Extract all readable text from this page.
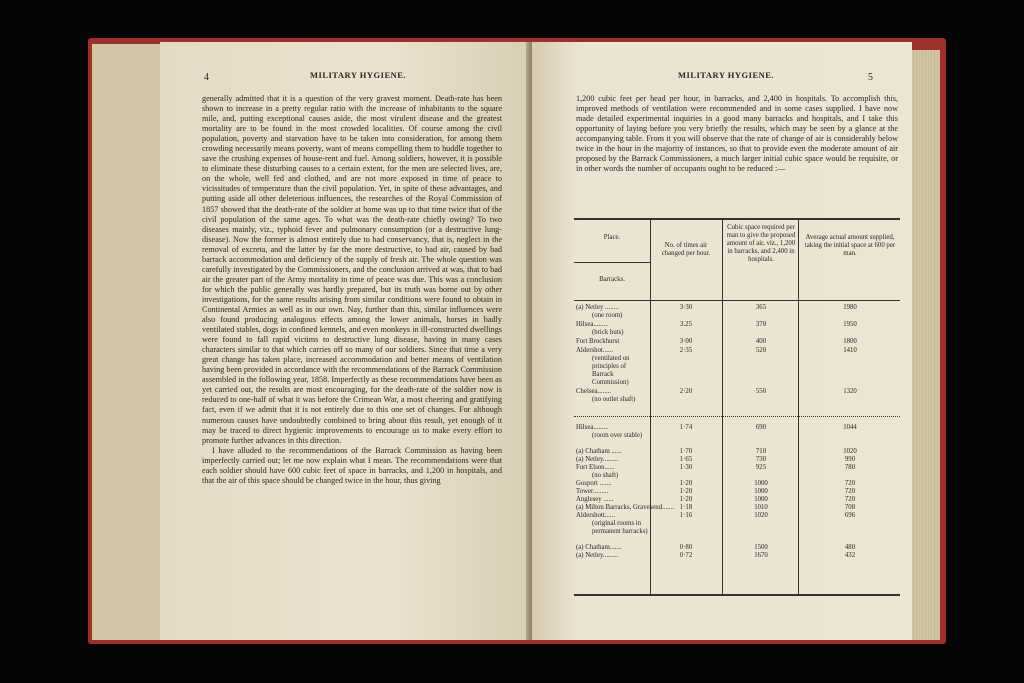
4	MILITARY HYGIENE.

generally admitted that it is a question of the very gravest moment. Death-rate has been shown to increase in a pretty regular ratio with the increase of inhabitants to the square mile, and, putting exceptional causes aside, the most virulent disease and the greatest mortality are to be found in the most crowded localities. Of course among the civil population, poverty and starvation have to be taken into consideration, for among them crowding necessarily means poverty, want of means compelling them to huddle together to save the crushing expenses of house-rent and fuel. Among soldiers, however, it is possible to eliminate these disturbing causes to a certain extent, for the men are selected lives, are, on the whole, well fed and clothed, and are not more exposed in time of peace to vicissitudes of temperature than the civil population. Yet, in spite of these advantages, and putting aside all other deleterious influences, the researches of the Royal Commission of 1857 showed that the death-rate of the soldier at home was up to that time twice that of the civil population of the same ages. To what was the death-rate chiefly owing? To two diseases mainly, viz., typhoid fever and pulmonary consumption (or a destructive lung-disease). Now the former is almost entirely due to bad conservancy, that is, neglect in the removal of excreta, and the latter by far the more destructive, to bad air, caused by bad barrack accommodation and deficiency of the supply of fresh air. The whole question was carefully investigated by the Commissioners, and the conclusion arrived at was, that to bad air the greater part of the Army mortality in time of peace was due. This was a conclusion for which the public generally was hardly prepared, but its truth was borne out by other investigations, for the same results arising from similar conditions were found to obtain in Continental Armies as well as in our own. Nay, further than this, similar influences were also found producing analogous effects among the lower animals, horses in badly ventilated stables, dogs in confined kennels, and even monkeys in ill-constructed dwellings were found to fall rapid victims to destructive lung disease, having in many cases characters similar to that which carries off so many of our soldiers. Since that time a very great change has taken place, increased accommodation and better means of ventilation having been provided in accordance with the recommendations of the Barrack Commission assembled in the following year, 1858. Imperfectly as these recommendations have been as yet carried out, the results are most encouraging, for the death-rate of the soldier now is reduced to one-half of what it was before the Crimean War, a most cheering and gratifying fact, even if we admit that it is not entirely due to this one set of changes. For although numerous causes have undoubtedly combined to bring about this result, yet enough of it may be traced to direct hygienic improvements to encourage us to make every effort to promote further advances in this direction.

I have alluded to the recommendations of the Barrack Commission as having been imperfectly carried out; let me now explain what I mean. The recommendations were that each soldier should have 600 cubic feet of space in barracks, and 1,200 in hospitals, and that the air of this space should be changed twice in the hour, thus giving

MILITARY HYGIENE.	5
1,200 cubic feet per head per hour, in barracks, and 2,400 in hospitals. To accomplish this, improved methods of ventilation were recommended and in some cases supplied. I have now made detailed experimental inquiries in a good many barracks and hospitals, and I take this opportunity of laying before you very briefly the results, which may be seen by a glance at the accompanying table. From it you will observe that the rate of change of air is considerably below twice in the hour in the majority of instances, so that to provide even the moderate amount of air proposed by the Barrack Commissioners, a much larger initial cubic space would be requisite, or in other words the number of occupants ought to be reduced :—
Place.
Barracks.
No. of times air changed per hour.
Cubic space required per man to give the proposed amount of air, viz., 1,200 in barracks, and 2,400 in hospitals.
Average actual amount supplied, taking the initial space at 600 per man.
(a) Netley ........	3·30	365	1980
(one room)
Hilsea.........	3.25	370	1950
(brick huts)
Fort Brockhurst	3·00	400	1800
Aldershot......	2·35	520	1410
(ventilated on principles of Barrack Commission)
Chelsea........	2·20	550	1320
(no outlet shaft)
Hilsea.........	1·74	690	1044
(room over stable)
(a) Chatham ......	1·70	710	1020
(a) Netley.........	1·65	730	990
Fort Elson......	1·30	925	780
(no shaft)
Gosport .......	1·20	1000	720
Tower.........	1·20	1000	720
Anglesey ......	1·20	1000	720
(a) Milton Barracks, Gravesend....... 1·18	1010	708
Aldershott......	1·16	1020	696
(original rooms in permanent barracks)
(a) Chatham.......	0·80	1500	480
(a) Netley.........	0·72	1670	432
